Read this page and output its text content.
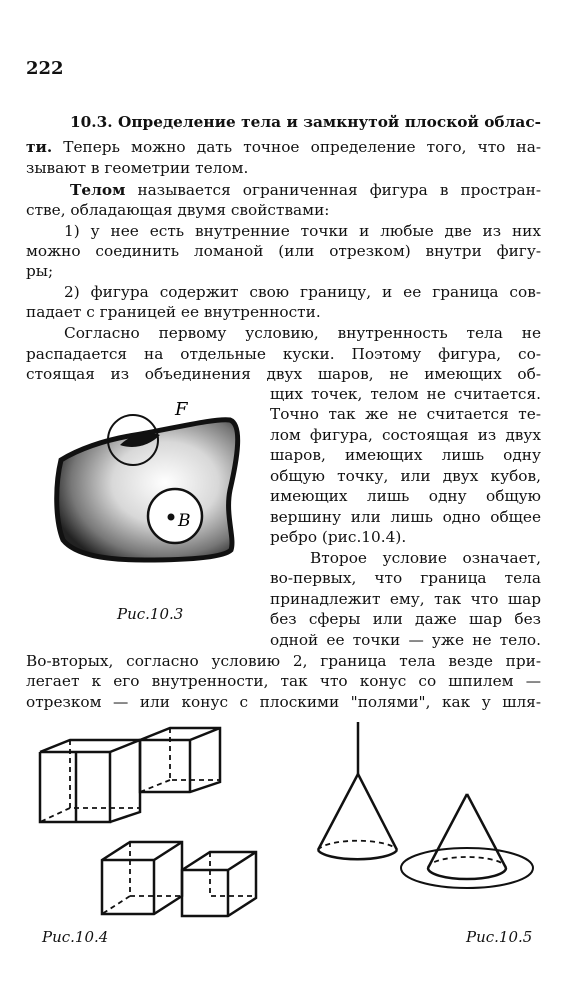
222
10.3. Определение тела и замкнутой плоской облас-
ти. Теперь можно дать точное определение того, что на-
зывают в геометрии телом.
Телом называется ограниченная фигура в простран-
стве, обладающая двумя свойствами:
1) у нее есть внутренние точки и любые две из них
можно соединить ломаной (или отрезком) внутри фигу-
ры;
2) фигура содержит свою границу, и ее граница сов-
падает с границей ее внутренности.
Согласно первому условию, внутренность тела не
распадается на отдельные куски. Поэтому фигура, со-
стоящая из объединения двух шаров, не имеющих об-
щих точек, телом не считается.
Точно так же не считается те-
лом фигура, состоящая из двух
шаров, имеющих лишь одну
общую точку, или двух кубов,
имеющих лишь одну общую
вершину или лишь одно общее
ребро (рис.10.4).
Второе условие означает,
во-первых, что граница тела
принадлежит ему, так что шар
без сферы или даже шар без
одной ее точки — уже не тело.
Во-вторых, согласно условию 2, граница тела везде при-
легает к его внутренности, так что конус со шпилем —
отрезком — или конус с плоскими "полями", как у шля-
F
B
Рис.10.3
Рис.10.4	Рис.10.5
